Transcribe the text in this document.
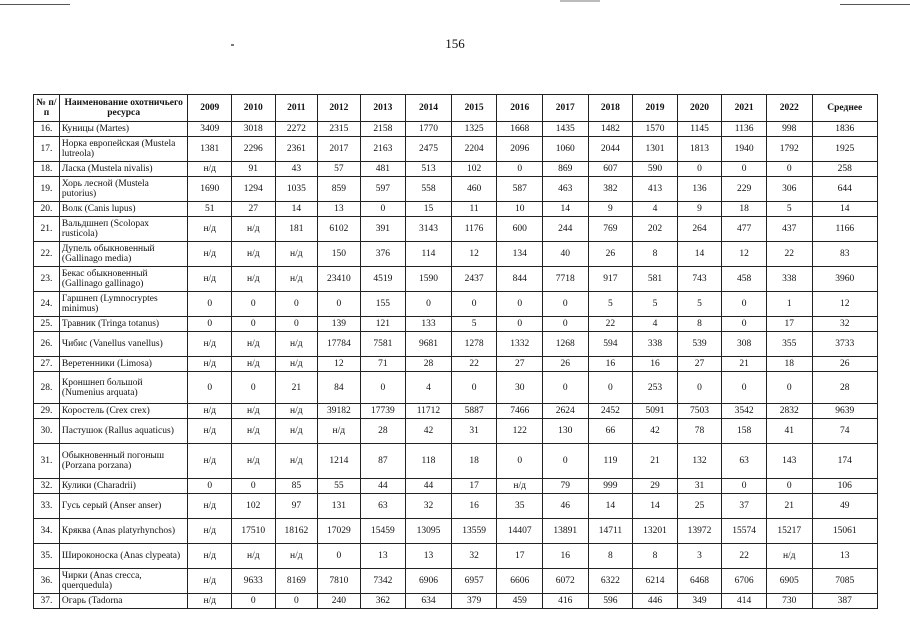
156
№ п/п	Наименование охотничьего ресурса	2009	2010	2011	2012	2013	2014	2015	2016	2017	2018	2019	2020	2021	2022	Среднее
16.	Куницы (Martes)	3409	3018	2272	2315	2158	1770	1325	1668	1435	1482	1570	1145	1136	998	1836
17.	Норка европейская (Mustela lutreola)	1381	2296	2361	2017	2163	2475	2204	2096	1060	2044	1301	1813	1940	1792	1925
18.	Ласка (Mustela nivalis)	н/д	91	43	57	481	513	102	0	869	607	590	0	0	0	258
19.	Хорь лесной (Mustela putorius)	1690	1294	1035	859	597	558	460	587	463	382	413	136	229	306	644
20.	Волк (Canis lupus)	51	27	14	13	0	15	11	10	14	9	4	9	18	5	14
21.	Вальдшнеп (Scolopax rusticola)	н/д	н/д	181	6102	391	3143	1176	600	244	769	202	264	477	437	1166
22.	Дупель обыкновенный (Gallinago media)	н/д	н/д	н/д	150	376	114	12	134	40	26	8	14	12	22	83
23.	Бекас обыкновенный (Gallinago gallinago)	н/д	н/д	н/д	23410	4519	1590	2437	844	7718	917	581	743	458	338	3960
24.	Гаршнеп (Lymnocryptes minimus)	0	0	0	0	155	0	0	0	0	5	5	5	0	1	12
25.	Травник (Tringa totanus)	0	0	0	139	121	133	5	0	0	22	4	8	0	17	32
26.	Чибис (Vanellus vanellus)	н/д	н/д	н/д	17784	7581	9681	1278	1332	1268	594	338	539	308	355	3733
27.	Веретенники (Limosa)	н/д	н/д	н/д	12	71	28	22	27	26	16	16	27	21	18	26
28.	Кроншнеп большой (Numenius arquata)	0	0	21	84	0	4	0	30	0	0	253	0	0	0	28
29.	Коростель (Crex crex)	н/д	н/д	н/д	39182	17739	11712	5887	7466	2624	2452	5091	7503	3542	2832	9639
30.	Пастушок (Rallus aquaticus)	н/д	н/д	н/д	н/д	28	42	31	122	130	66	42	78	158	41	74
31.	Обыкновенный погоныш (Porzana porzana)	н/д	н/д	н/д	1214	87	118	18	0	0	119	21	132	63	143	174
32.	Кулики (Charadrii)	0	0	85	55	44	44	17	н/д	79	999	29	31	0	0	106
33.	Гусь серый (Anser anser)	н/д	102	97	131	63	32	16	35	46	14	14	25	37	21	49
34.	Кряква (Anas platyrhynchos)	н/д	17510	18162	17029	15459	13095	13559	14407	13891	14711	13201	13972	15574	15217	15061
35.	Широконоска (Anas clypeata)	н/д	н/д	н/д	0	13	13	32	17	16	8	8	3	22	н/д	13
36.	Чирки (Anas crecca, querquedula)	н/д	9633	8169	7810	7342	6906	6957	6606	6072	6322	6214	6468	6706	6905	7085
37.	Огарь (Tadorna	н/д	0	0	240	362	634	379	459	416	596	446	349	414	730	387
